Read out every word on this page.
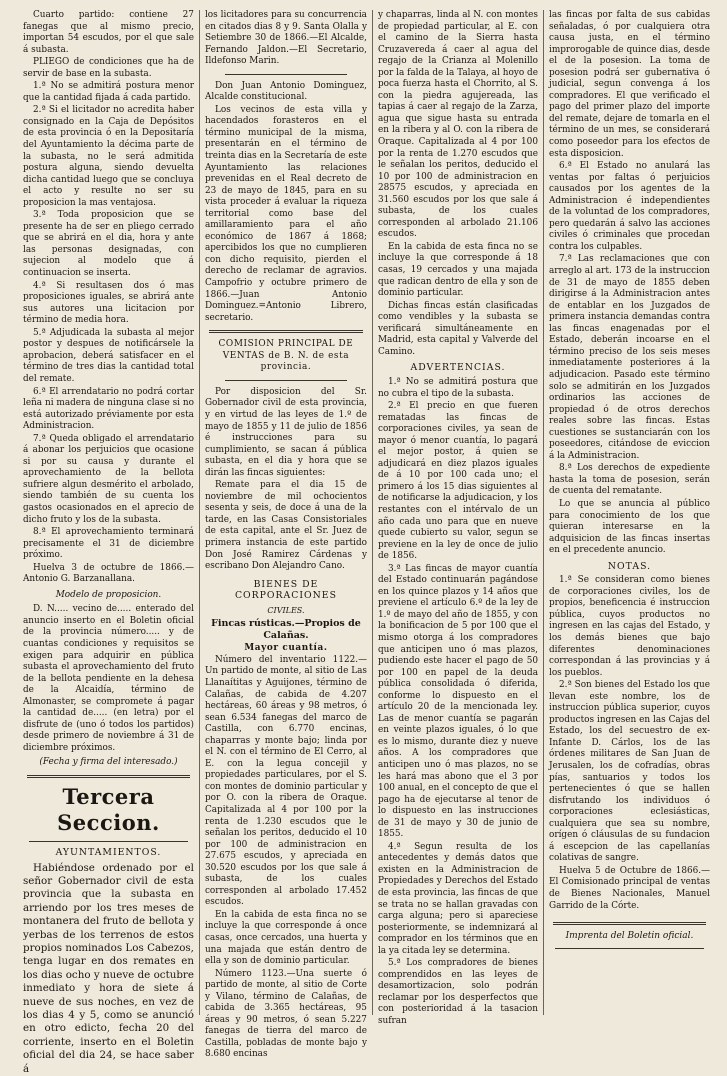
Cuarto partido: contiene 27 fanegas que al mismo precio, importan 54 escudos, por el que sale á subasta.

PLIEGO de condiciones que ha de servir de base en la subasta.

1.ª No se admitirá postura menor que la cantidad fijada á cada partido.

2.ª Si el licitador no acredita haber consignado en la Caja de Depósitos de esta provincia ó en la Depositaría del Ayuntamiento la décima parte de la subasta, no le será admitida postura alguna, siendo devuelta dicha cantidad luego que se concluya el acto y resulte no ser su proposicion la mas ventajosa.

3.ª Toda proposicion que se presente ha de ser en pliego cerrado que se abrirá en el dia, hora y ante las personas designadas, con sujecion al modelo que á continuacion se inserta.

4.ª Si resultasen dos ó mas proposiciones iguales, se abrirá ante sus autores una licitacion por término de media hora.

5.ª Adjudicada la subasta al mejor postor y despues de notificársele la aprobacion, deberá satisfacer en el término de tres dias la cantidad total del remate.

6.ª El arrendatario no podrá cortar leña ni madera de ninguna clase si no está autorizado préviamente por esta Administracion.

7.ª Queda obligado el arrendatario á abonar los perjuicios que ocasione si por su causa y durante el aprovechamiento de la bellota sufriere algun desmérito el arbolado, siendo también de su cuenta los gastos ocasionados en el aprecio de dicho fruto y los de la subasta.

8.ª El aprovechamiento terminará precisamente el 31 de diciembre próximo.

Huelva 3 de octubre de 1866.—Antonio G. Barzanallana.

Modelo de proposicion.

D. N..... vecino de..... enterado del anuncio inserto en el Boletin oficial de la provincia número..... y de cuantas condiciones y requisitos se exigen para adquirir en pública subasta el aprovechamiento del fruto de la bellota pendiente en la dehesa de la Alcaidía, término de Almonaster, se compromete á pagar la cantidad de..... (en letra) por el disfrute de (uno ó todos los partidos) desde primero de noviembre á 31 de diciembre próximos.

(Fecha y firma del interesado.)

Tercera Seccion.
AYUNTAMIENTOS.

Habiéndose ordenado por el señor Gobernador civil de esta provincia que la subasta en arriendo por los tres meses de montanera del fruto de bellota y yerbas de los terrenos de estos propios nominados Los Cabezos, tenga lugar en dos remates en los dias ocho y nueve de octubre inmediato y hora de siete á nueve de sus noches, en vez de los dias 4 y 5, como se anunció en otro edicto, fecha 20 del corriente, inserto en el Boletin oficial del dia 24, se hace saber á

los licitadores para su concurrencia en citados dias 8 y 9. Santa Olalla y Setiembre 30 de 1866.—El Alcalde, Fernando Jaldon.—El Secretario, Ildefonso Marin.

Don Juan Antonio Dominguez, Alcalde constitucional.

Los vecinos de esta villa y hacendados forasteros en el término municipal de la misma, presentarán en el término de treinta dias en la Secretaría de este Ayuntamiento las relaciones prevenidas en el Real decreto de 23 de mayo de 1845, para en su vista proceder á evaluar la riqueza territorial como base del amillaramiento para el año económico de 1867 á 1868; apercibidos los que no cumplieren con dicho requisito, pierden el derecho de reclamar de agravios. Campofrio y octubre primero de 1866.—Juan Antonio Dominguez.=Antonio Librero, secretario.

COMISION PRINCIPAL DE VENTAS de B. N. de esta provincia.

Por disposicion del Sr. Gobernador civil de esta provincia, y en virtud de las leyes de 1.º de mayo de 1855 y 11 de julio de 1856 é instrucciones para su cumplimiento, se sacan á pública subasta, en el dia y hora que se dirán las fincas siguientes:

Remate para el dia 15 de noviembre de mil ochocientos sesenta y seis, de doce á una de la tarde, en las Casas Consistoriales de esta capital, ante el Sr. Juez de primera instancia de este partido Don José Ramirez Cárdenas y escribano Don Alejandro Cano.

BIENES DE CORPORACIONES
CIVILES.
Fincas rústicas.—Propios de Calañas.
Mayor cuantía.

Número del inventario 1122.—Un partido de monte, al sitio de Las Llanaítitas y Aguijones, término de Calañas, de cabida de 4.207 hectáreas, 60 áreas y 98 metros, ó sean 6.534 fanegas del marco de Castilla, con 6.770 encinas, chaparras y monte bajo; linda por el N. con el término de El Cerro, al E. con la legua concejil y propiedades particulares, por el S. con montes de dominio particular y por O. con la ribera de Oraque. Capitalizada al 4 por 100 por la renta de 1.230 escudos que le señalan los peritos, deducido el 10 por 100 de administracion en 27.675 escudos, y apreciada en 30.520 escudos por los que sale á subasta, de los cuales corresponden al arbolado 17.452 escudos.

En la cabida de esta finca no se incluye la que corresponde á once casas, once cercados, una huerta y una majada que están dentro de ella y son de dominio particular.

Número 1123.—Una suerte ó partido de monte, al sitio de Corte y Vilano, término de Calañas, de cabida de 3.365 hectáreas, 95 áreas y 90 metros, ó sean 5.227 fanegas de tierra del marco de Castilla, pobladas de monte bajo y 8.680 encinas

y chaparras, linda al N. con montes de propiedad particular, al E. con el camino de la Sierra hasta Cruzavereda á caer al agua del regajo de la Crianza al Molenillo por la falda de la Talaya, al hoyo de poca fuerza hasta el Chorrito, al S. con la piedra agujereada, las tapias á caer al regajo de la Zarza, agua que sigue hasta su entrada en la ribera y al O. con la ribera de Oraque. Capitalizada al 4 por 100 por la renta de 1.270 escudos que le señalan los peritos, deducido el 10 por 100 de administracion en 28575 escudos, y apreciada en 31.560 escudos por los que sale á subasta, de los cuales corresponden al arbolado 21.106 escudos.

En la cabida de esta finca no se incluye la que corresponde á 18 casas, 19 cercados y una majada que radican dentro de ella y son de dominio particular.

Dichas fincas están clasificadas como vendibles y la subasta se verificará simultáneamente en Madrid, esta capital y Valverde del Camino.

ADVERTENCIAS.

1.ª No se admitirá postura que no cubra el tipo de la subasta.

2.ª El precio en que fueren rematadas las fincas de corporaciones civiles, ya sean de mayor ó menor cuantía, lo pagará el mejor postor, á quien se adjudicará en diez plazos iguales de á 10 por 100 cada uno; el primero á los 15 dias siguientes al de notificarse la adjudicacion, y los restantes con el intérvalo de un año cada uno para que en nueve quede cubierto su valor, segun se previene en la ley de once de julio de 1856.

3.ª Las fincas de mayor cuantía del Estado continuarán pagándose en los quince plazos y 14 años que previene el artículo 6.º de la ley de 1.º de mayo del año de 1855, y con la bonificacion de 5 por 100 que el mismo otorga á los compradores que anticipen uno ó mas plazos, pudiendo este hacer el pago de 50 por 100 en papel de la deuda pública consolidada ó diferida, conforme lo dispuesto en el artículo 20 de la mencionada ley. Las de menor cuantía se pagarán en veinte plazos iguales, ó lo que es lo mismo, durante diez y nueve años. A los compradores que anticipen uno ó mas plazos, no se les hará mas abono que el 3 por 100 anual, en el concepto de que el pago ha de ejecutarse al tenor de lo dispuesto en las instrucciones de 31 de mayo y 30 de junio de 1855.

4.ª Segun resulta de los antecedentes y demás datos que existen en la Administracion de Propiedades y Derechos del Estado de esta provincia, las fincas de que se trata no se hallan gravadas con carga alguna; pero si apareciese posteriormente, se indemnizará al comprador en los términos que en la ya citada ley se determina.

5.ª Los compradores de bienes comprendidos en las leyes de desamortizacion, solo podrán reclamar por los desperfectos que con posterioridad á la tasacion sufran

las fincas por falta de sus cabidas señaladas, ó por cualquiera otra causa justa, en el término improrogable de quince dias, desde el de la posesion. La toma de posesion podrá ser gubernativa ó judicial, segun convenga á los compradores. El que verificado el pago del primer plazo del importe del remate, dejare de tomarla en el término de un mes, se considerará como poseedor para los efectos de esta disposicion.

6.ª El Estado no anulará las ventas por faltas ó perjuicios causados por los agentes de la Administracion é independientes de la voluntad de los compradores, pero quedarán á salvo las acciones civiles ó criminales que procedan contra los culpables.

7.ª Las reclamaciones que con arreglo al art. 173 de la instruccion de 31 de mayo de 1855 deben dirigirse á la Administracion antes de entablar en los Juzgados de primera instancia demandas contra las fincas enagenadas por el Estado, deberán incoarse en el término preciso de los seis meses inmediatamente posteriores á la adjudicacion. Pasado este término solo se admitirán en los Juzgados ordinarios las acciones de propiedad ó de otros derechos reales sobre las fincas. Estas cuestiones se sustanciarán con los poseedores, citándose de eviccion á la Administracion.

8.ª Los derechos de expediente hasta la toma de posesion, serán de cuenta del rematante.

Lo que se anuncia al público para conocimiento de los que quieran interesarse en la adquisicion de las fincas insertas en el precedente anuncio.

NOTAS.

1.ª Se consideran como bienes de corporaciones civiles, los de propios, beneficencia é instruccion pública, cuyos productos no ingresen en las cajas del Estado, y los demás bienes que bajo diferentes denominaciones correspondan á las provincias y á los pueblos.

2.ª Son bienes del Estado los que llevan este nombre, los de instruccion pública superior, cuyos productos ingresen en las Cajas del Estado, los del secuestro de ex-Infante D. Cárlos, los de las órdenes militares de San Juan de Jerusalen, los de cofradías, obras pías, santuarios y todos los pertenecientes ó que se hallen disfrutando los individuos ó corporaciones eclesiásticas, cualquiera que sea su nombre, orígen ó cláusulas de su fundacion á escepcion de las capellanías colativas de sangre.

Huelva 5 de Octubre de 1866.—El Comisionado principal de ventas de Bienes Nacionales, Manuel Garrido de la Córte.

Imprenta del Boletin oficial.
